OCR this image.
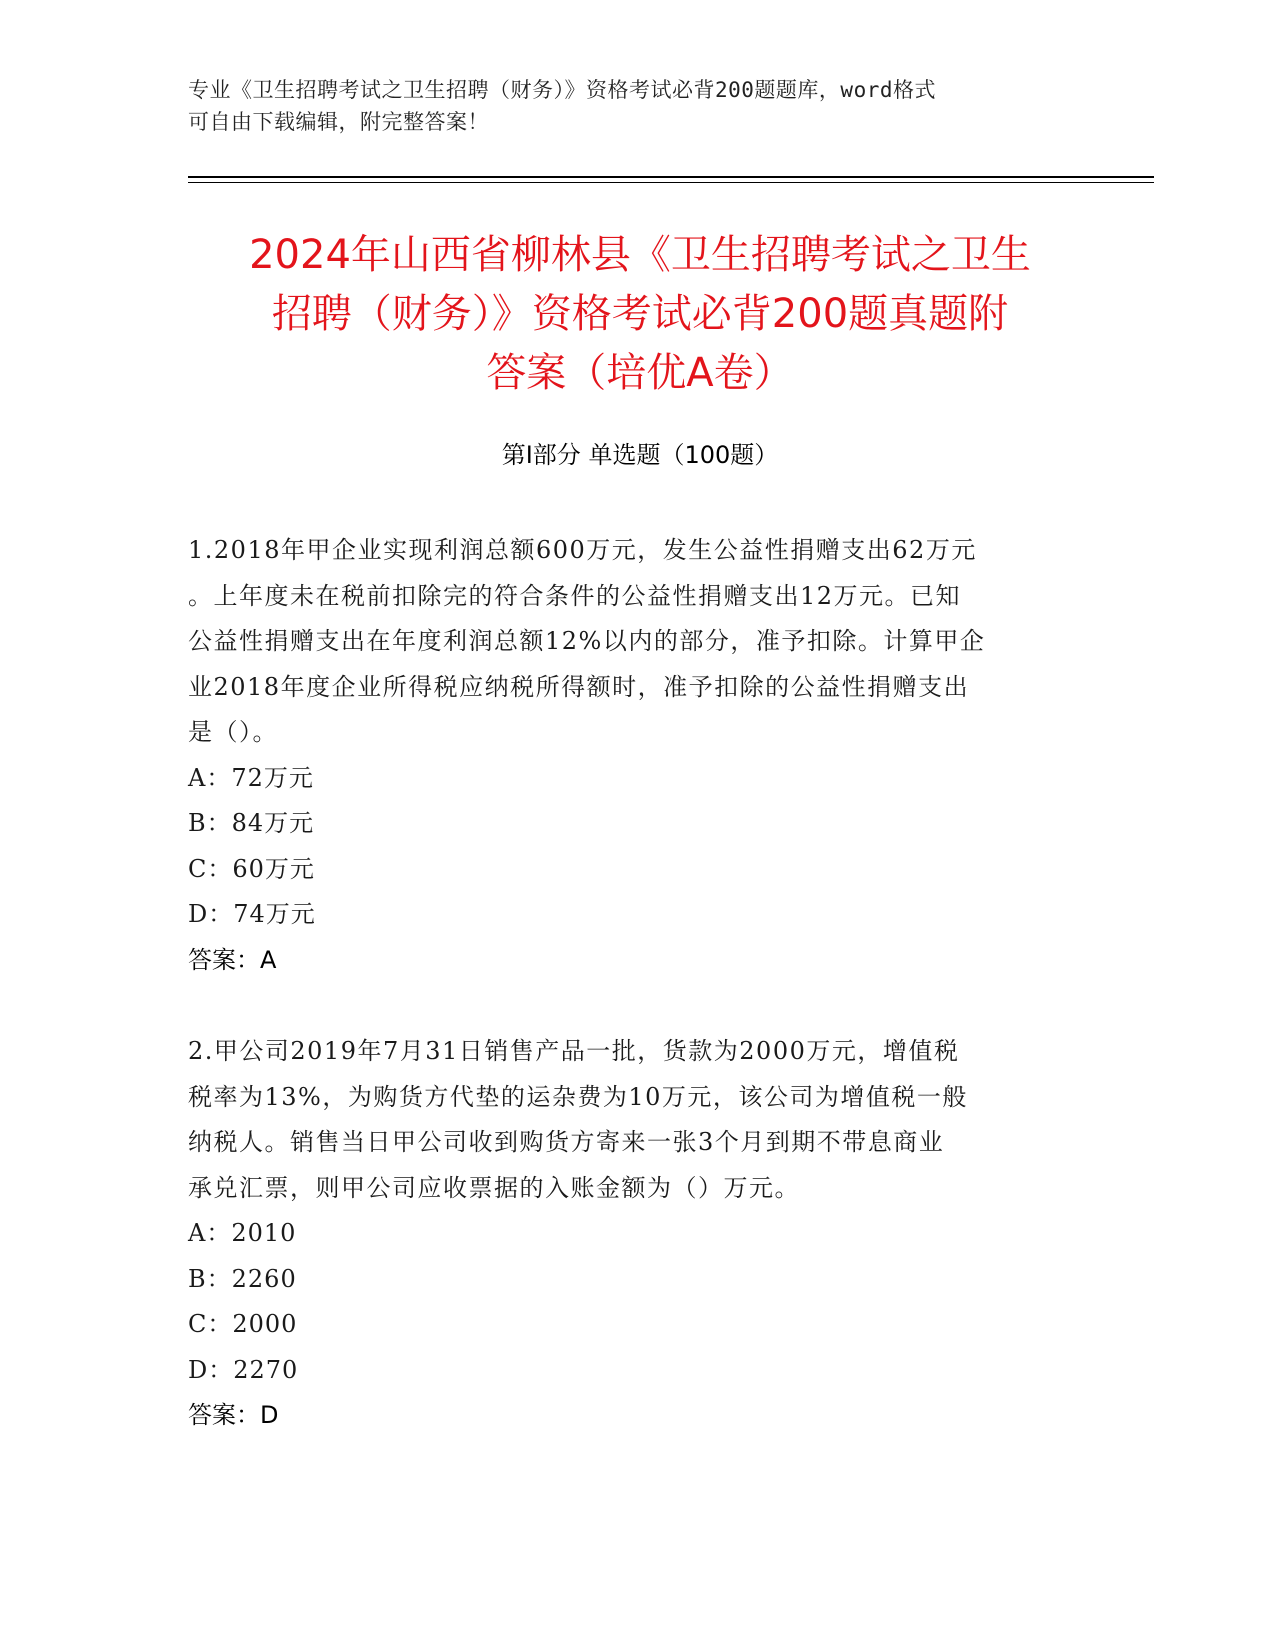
专业《卫生招聘考试之卫生招聘（财务）》资格考试必背200题题库，word格式
可自由下载编辑，附完整答案！
2024年山西省柳林县《卫生招聘考试之卫生
招聘（财务）》资格考试必背200题真题附
答案（培优A卷）
第Ⅰ部分 单选题（100题）
1.2018年甲企业实现利润总额600万元，发生公益性捐赠支出62万元
。上年度未在税前扣除完的符合条件的公益性捐赠支出12万元。已知
公益性捐赠支出在年度利润总额12%以内的部分，准予扣除。计算甲企
业2018年度企业所得税应纳税所得额时，准予扣除的公益性捐赠支出
是（）。
A：72万元
B：84万元
C：60万元
D：74万元
答案：A
2.甲公司2019年7月31日销售产品一批，货款为2000万元，增值税
税率为13%，为购货方代垫的运杂费为10万元，该公司为增值税一般
纳税人。销售当日甲公司收到购货方寄来一张3个月到期不带息商业
承兑汇票，则甲公司应收票据的入账金额为（）万元。
A：2010
B：2260
C：2000
D：2270
答案：D
